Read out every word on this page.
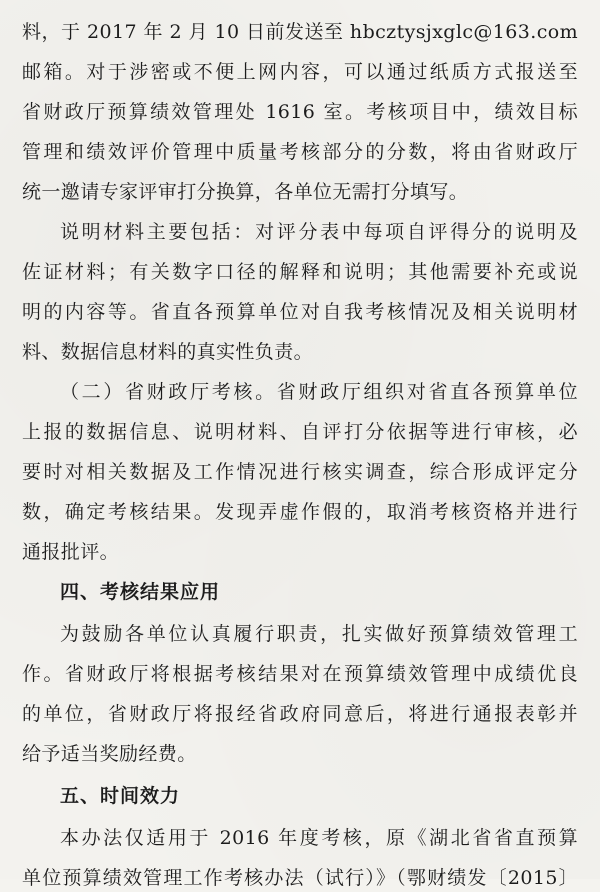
料，于 2017 年 2 月 10 日前发送至 hbcztysjxglc@163.com
邮箱。对于涉密或不便上网内容，可以通过纸质方式报送至
省财政厅预算绩效管理处 1616 室。考核项目中，绩效目标
管理和绩效评价管理中质量考核部分的分数，将由省财政厅
统一邀请专家评审打分换算，各单位无需打分填写。
说明材料主要包括：对评分表中每项自评得分的说明及
佐证材料；有关数字口径的解释和说明；其他需要补充或说
明的内容等。省直各预算单位对自我考核情况及相关说明材
料、数据信息材料的真实性负责。
（二）省财政厅考核。省财政厅组织对省直各预算单位
上报的数据信息、说明材料、自评打分依据等进行审核，必
要时对相关数据及工作情况进行核实调查，综合形成评定分
数，确定考核结果。发现弄虚作假的，取消考核资格并进行
通报批评。
四、考核结果应用
为鼓励各单位认真履行职责，扎实做好预算绩效管理工
作。省财政厅将根据考核结果对在预算绩效管理中成绩优良
的单位，省财政厅将报经省政府同意后，将进行通报表彰并
给予适当奖励经费。
五、时间效力
本办法仅适用于 2016 年度考核，原《湖北省省直预算
单位预算绩效管理工作考核办法（试行）》（鄂财绩发〔2015〕
